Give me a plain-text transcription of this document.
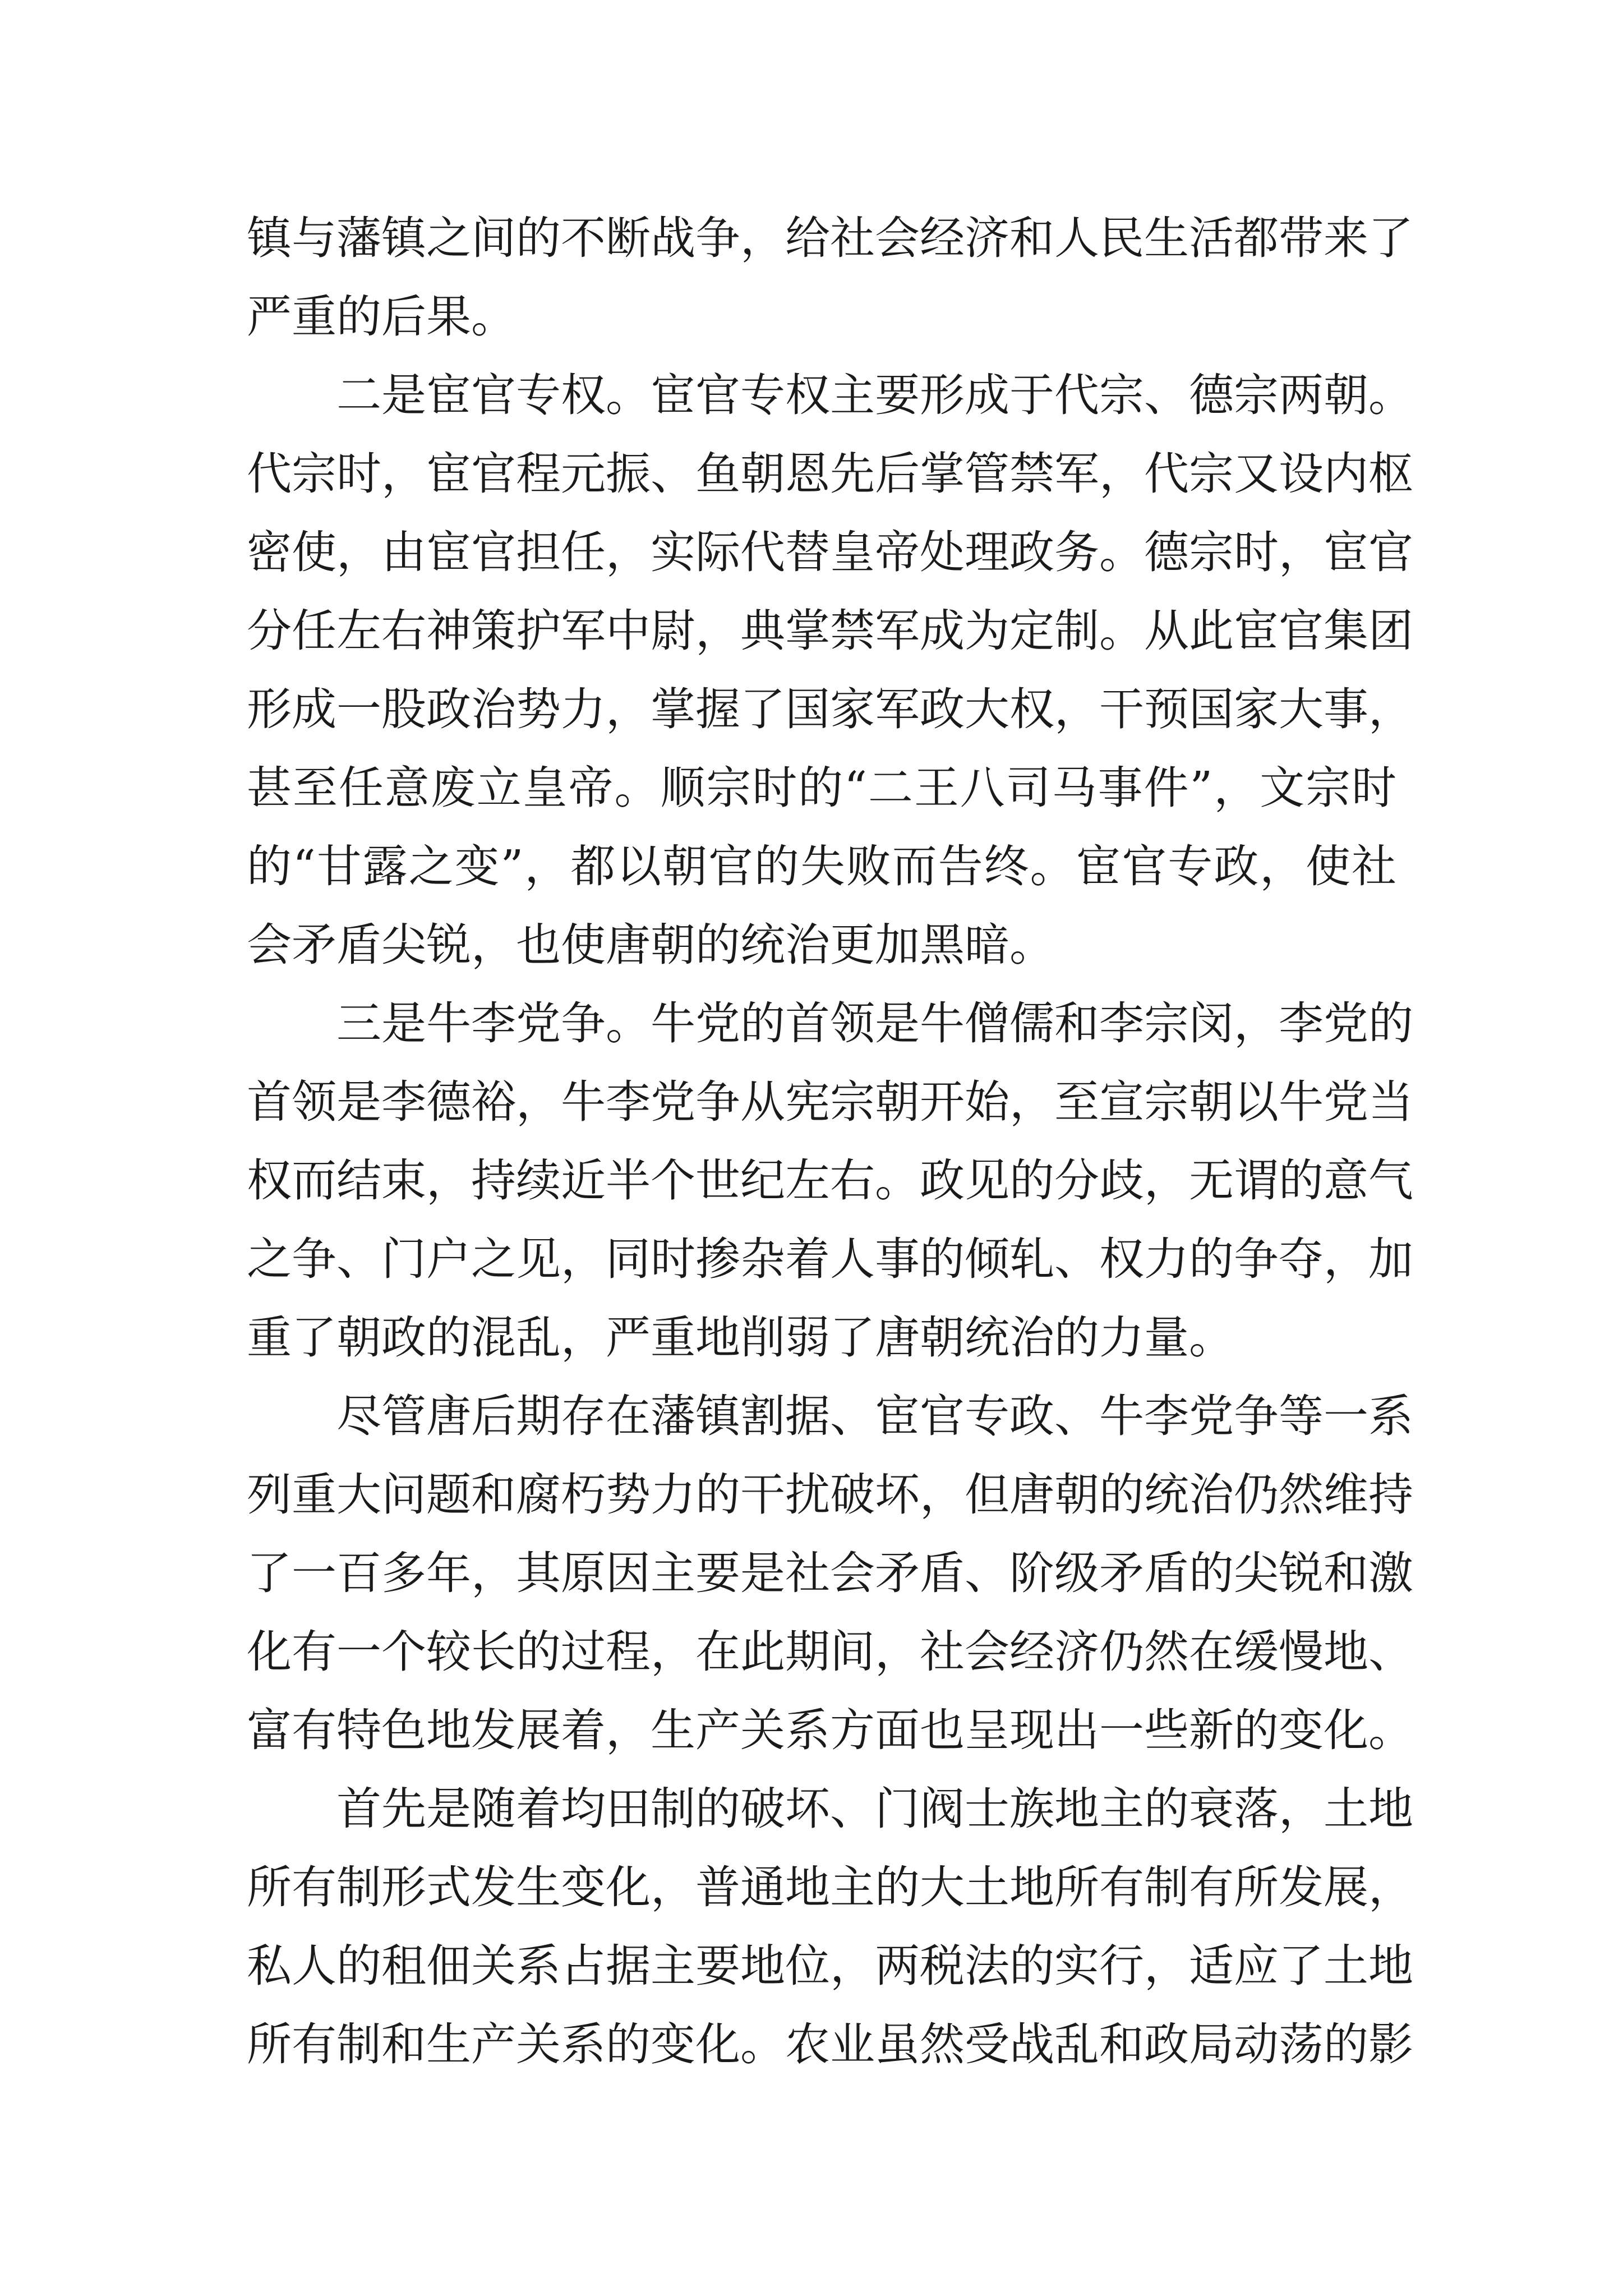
镇与藩镇之间的不断战争，给社会经济和人民生活都带来了
严重的后果。
二是宦官专权。宦官专权主要形成于代宗、德宗两朝。
代宗时，宦官程元振、鱼朝恩先后掌管禁军，代宗又设内枢
密使，由宦官担任，实际代替皇帝处理政务。德宗时，宦官
分任左右神策护军中尉，典掌禁军成为定制。从此宦官集团
形成一股政治势力，掌握了国家军政大权，干预国家大事，
甚至任意废立皇帝。顺宗时的“二王八司马事件”，文宗时
的“甘露之变”，都以朝官的失败而告终。宦官专政，使社
会矛盾尖锐，也使唐朝的统治更加黑暗。
三是牛李党争。牛党的首领是牛僧儒和李宗闵，李党的
首领是李德裕，牛李党争从宪宗朝开始，至宣宗朝以牛党当
权而结束，持续近半个世纪左右。政见的分歧，无谓的意气
之争、门户之见，同时掺杂着人事的倾轧、权力的争夺，加
重了朝政的混乱，严重地削弱了唐朝统治的力量。
尽管唐后期存在藩镇割据、宦官专政、牛李党争等一系
列重大问题和腐朽势力的干扰破坏，但唐朝的统治仍然维持
了一百多年，其原因主要是社会矛盾、阶级矛盾的尖锐和激
化有一个较长的过程，在此期间，社会经济仍然在缓慢地、
富有特色地发展着，生产关系方面也呈现出一些新的变化。
首先是随着均田制的破坏、门阀士族地主的衰落，土地
所有制形式发生变化，普通地主的大土地所有制有所发展，
私人的租佃关系占据主要地位，两税法的实行，适应了土地
所有制和生产关系的变化。农业虽然受战乱和政局动荡的影
